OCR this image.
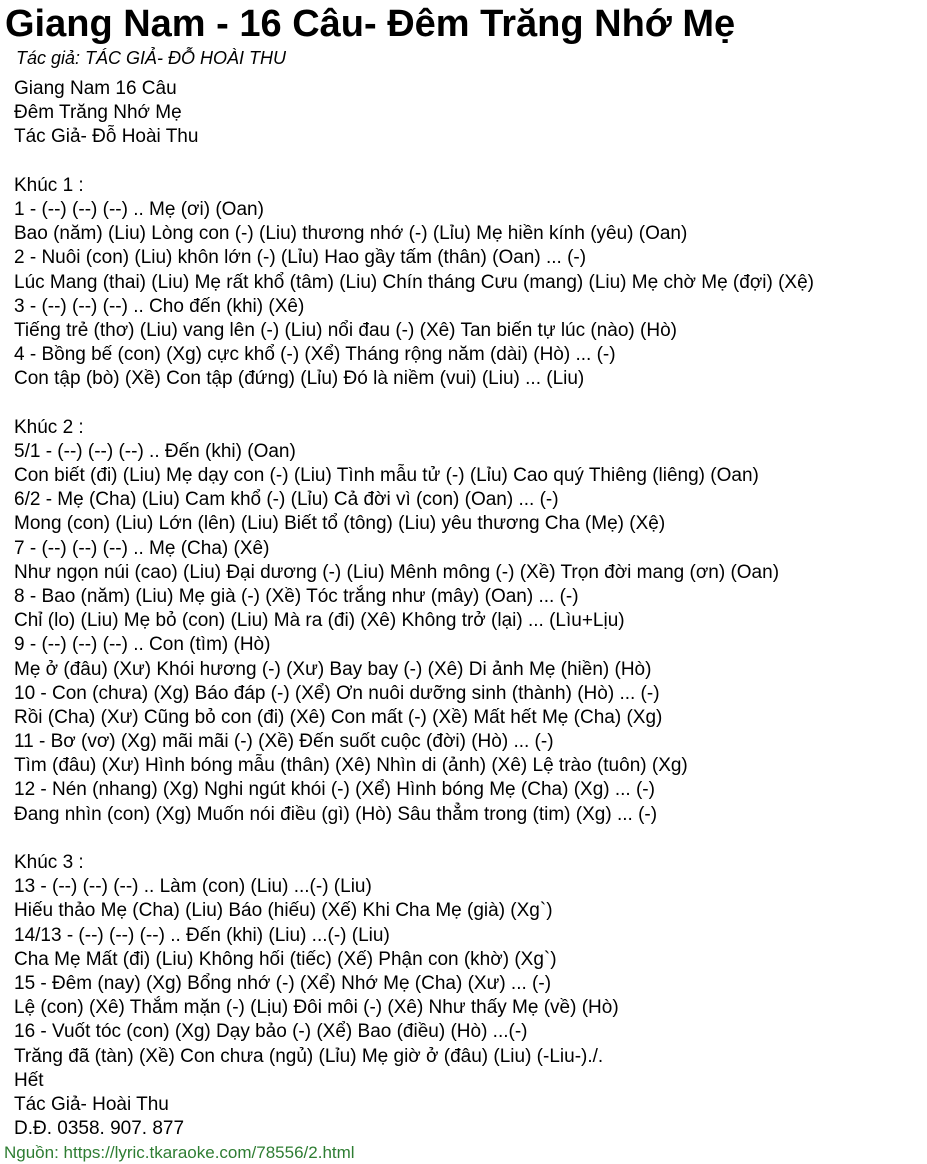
Giang Nam - 16 Câu- Đêm Trăng Nhớ Mẹ
Tác giả: TÁC GIẢ- ĐỖ HOÀI THU
Giang Nam 16 Câu
Đêm Trăng Nhớ Mẹ
Tác Giả- Đỗ Hoài Thu
Khúc 1 :
1 - (--) (--) (--) .. Mẹ (ơi) (Oan)
Bao (năm) (Liu) Lòng con (-) (Liu) thương nhớ (-) (Lỉu) Mẹ hiền kính (yêu) (Oan)
2 - Nuôi (con) (Liu) khôn lớn (-) (Lỉu) Hao gầy tấm (thân) (Oan) ... (-)
Lúc Mang (thai) (Liu) Mẹ rất khổ (tâm) (Liu) Chín tháng Cưu (mang) (Liu) Mẹ chờ Mẹ (đợi) (Xệ)
3 - (--) (--) (--) .. Cho đến (khi) (Xê)
Tiếng trẻ (thơ) (Liu) vang lên (-) (Liu) nổi đau (-) (Xê) Tan biến tự lúc (nào) (Hò)
4 - Bồng bế (con) (Xg) cực khổ (-) (Xể) Tháng rộng năm (dài) (Hò) ... (-)
Con tập (bò) (Xề) Con tập (đứng) (Lỉu) Đó là niềm (vui) (Liu) ... (Liu)
Khúc 2 :
5/1 - (--) (--) (--) .. Đến (khi) (Oan)
Con biết (đi) (Liu) Mẹ dạy con (-) (Liu) Tình mẫu tử (-) (Lỉu) Cao quý Thiêng (liêng) (Oan)
6/2 - Mẹ (Cha) (Liu) Cam khổ (-) (Lỉu) Cả đời vì (con) (Oan) ... (-)
Mong (con) (Liu) Lớn (lên) (Liu) Biết tổ (tông) (Liu) yêu thương Cha (Mẹ) (Xệ)
7 - (--) (--) (--) .. Mẹ (Cha) (Xê)
Như ngọn núi (cao) (Liu) Đại dương (-) (Liu) Mênh mông (-) (Xề) Trọn đời mang (ơn) (Oan)
8 - Bao (năm) (Liu) Mẹ già (-) (Xề) Tóc trắng như (mây) (Oan) ... (-)
Chỉ (lo) (Liu) Mẹ bỏ (con) (Liu) Mà ra (đi) (Xê) Không trở (lại) ... (Lìu+Lịu)
9 - (--) (--) (--) .. Con (tìm) (Hò)
Mẹ ở (đâu) (Xư) Khói hương (-) (Xư) Bay bay (-) (Xê) Di ảnh Mẹ (hiền) (Hò)
10 - Con (chưa) (Xg) Báo đáp (-) (Xể) Ơn nuôi dưỡng sinh (thành) (Hò) ... (-)
Rồi (Cha) (Xư) Cũng bỏ con (đi) (Xê) Con mất (-) (Xề) Mất hết Mẹ (Cha) (Xg)
11 - Bơ (vơ) (Xg) mãi mãi (-) (Xề) Đến suốt cuộc (đời) (Hò) ... (-)
Tìm (đâu) (Xư) Hình bóng mẫu (thân) (Xê) Nhìn di (ảnh) (Xê) Lệ trào (tuôn) (Xg)
12 - Nén (nhang) (Xg) Nghi ngút khói (-) (Xể) Hình bóng Mẹ (Cha) (Xg) ... (-)
Đang nhìn (con) (Xg) Muốn nói điều (gì) (Hò) Sâu thẳm trong (tim) (Xg) ... (-)
Khúc 3 :
13 - (--) (--) (--) .. Làm (con) (Liu) ...(-) (Liu)
Hiếu thảo Mẹ (Cha) (Liu) Báo (hiếu) (Xế) Khi Cha Mẹ (già) (Xg`)
14/13 - (--) (--) (--) .. Đến (khi) (Liu) ...(-) (Liu)
Cha Mẹ Mất (đi) (Liu) Không hối (tiếc) (Xế) Phận con (khờ) (Xg`)
15 - Đêm (nay) (Xg) Bổng nhớ (-) (Xể) Nhớ Mẹ (Cha) (Xư) ... (-)
Lệ (con) (Xê) Thắm mặn (-) (Lịu) Đôi môi (-) (Xê) Như thấy Mẹ (về) (Hò)
16 - Vuốt tóc (con) (Xg) Dạy bảo (-) (Xể) Bao (điều) (Hò) ...(-)
Trăng đã (tàn) (Xề) Con chưa (ngủ) (Lỉu) Mẹ giờ ở (đâu) (Liu) (-Liu-)./.
Hết
Tác Giả- Hoài Thu
D.Đ. 0358. 907. 877
Nguồn: https://lyric.tkaraoke.com/78556/2.html
